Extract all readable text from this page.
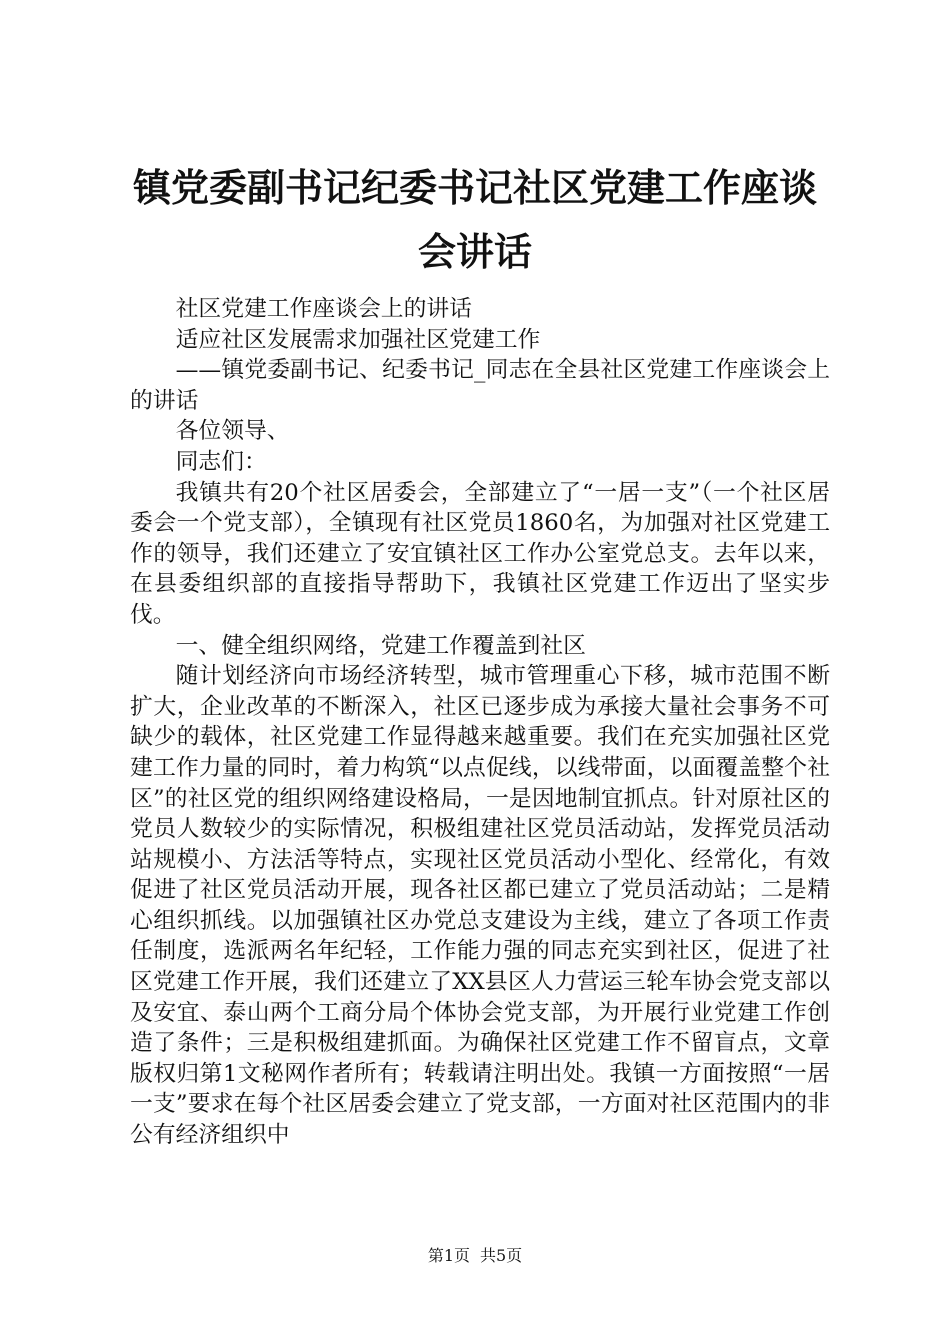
镇党委副书记纪委书记社区党建工作座谈会讲话

社区党建工作座谈会上的讲话

适应社区发展需求加强社区党建工作

——镇党委副书记、纪委书记_同志在全县社区党建工作座谈会上的讲话

各位领导、

同志们：

我镇共有20个社区居委会，全部建立了“一居一支”（一个社区居委会一个党支部），全镇现有社区党员1860名，为加强对社区党建工作的领导，我们还建立了安宜镇社区工作办公室党总支。去年以来，在县委组织部的直接指导帮助下，我镇社区党建工作迈出了坚实步伐。

一、健全组织网络，党建工作覆盖到社区

随计划经济向市场经济转型，城市管理重心下移，城市范围不断扩大，企业改革的不断深入，社区已逐步成为承接大量社会事务不可缺少的载体，社区党建工作显得越来越重要。我们在充实加强社区党建工作力量的同时，着力构筑“以点促线，以线带面，以面覆盖整个社区”的社区党的组织网络建设格局，一是因地制宜抓点。针对原社区的党员人数较少的实际情况，积极组建社区党员活动站，发挥党员活动站规模小、方法活等特点，实现社区党员活动小型化、经常化，有效促进了社区党员活动开展，现各社区都已建立了党员活动站；二是精心组织抓线。以加强镇社区办党总支建设为主线，建立了各项工作责任制度，选派两名年纪轻，工作能力强的同志充实到社区，促进了社区党建工作开展，我们还建立了XX县区人力营运三轮车协会党支部以及安宜、泰山两个工商分局个体协会党支部，为开展行业党建工作创造了条件；三是积极组建抓面。为确保社区党建工作不留盲点，文章版权归第1文秘网作者所有；转载请注明出处。我镇一方面按照“一居一支”要求在每个社区居委会建立了党支部，一方面对社区范围内的非公有经济组织中

第1页 共5页
